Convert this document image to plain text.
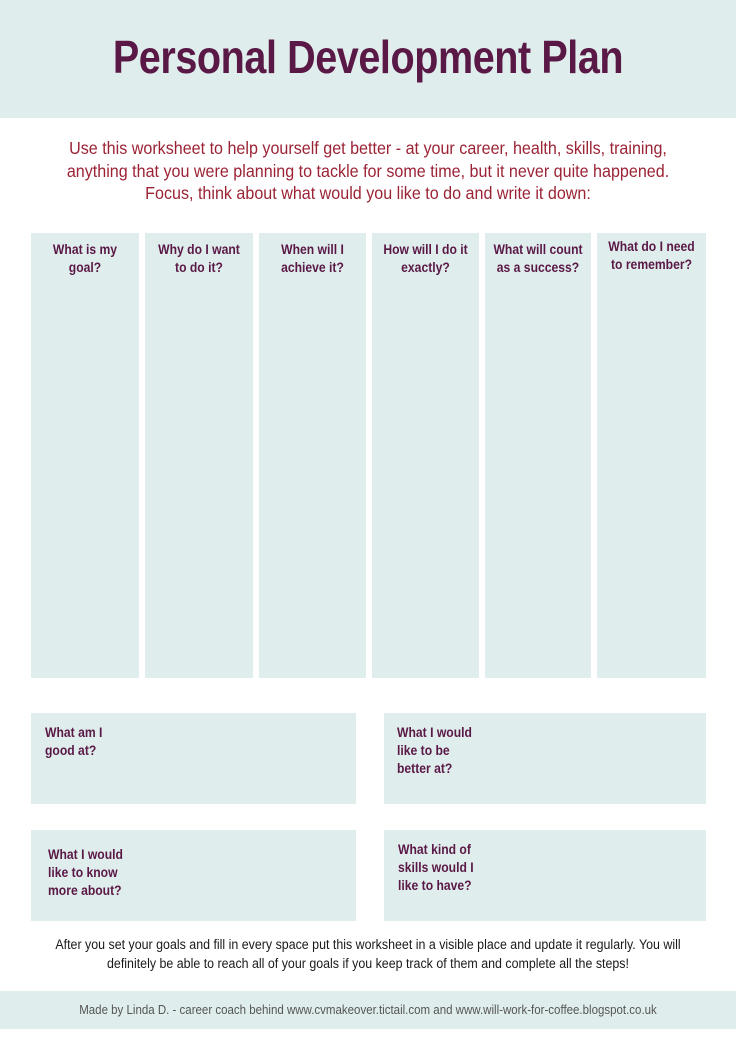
Personal Development Plan
Use this worksheet to help yourself get better - at your career, health, skills, training,
anything that you were planning to tackle for some time, but it never quite happened.
Focus, think about what would you like to do and write it down:
What is my
goal?
Why do I want
to do it?
When will I
achieve it?
How will I do it
exactly?
What will count
as a success?
What do I need
to remember?
What am I
good at?
What I would
like to be
better at?
What I would
like to know
more about?
What kind of
skills would I
like to have?
After you set your goals and fill in every space put this worksheet in a visible place and update it regularly. You will
definitely be able to reach all of your goals if you keep track of them and complete all the steps!
Made by Linda D. - career coach behind www.cvmakeover.tictail.com and www.will-work-for-coffee.blogspot.co.uk
